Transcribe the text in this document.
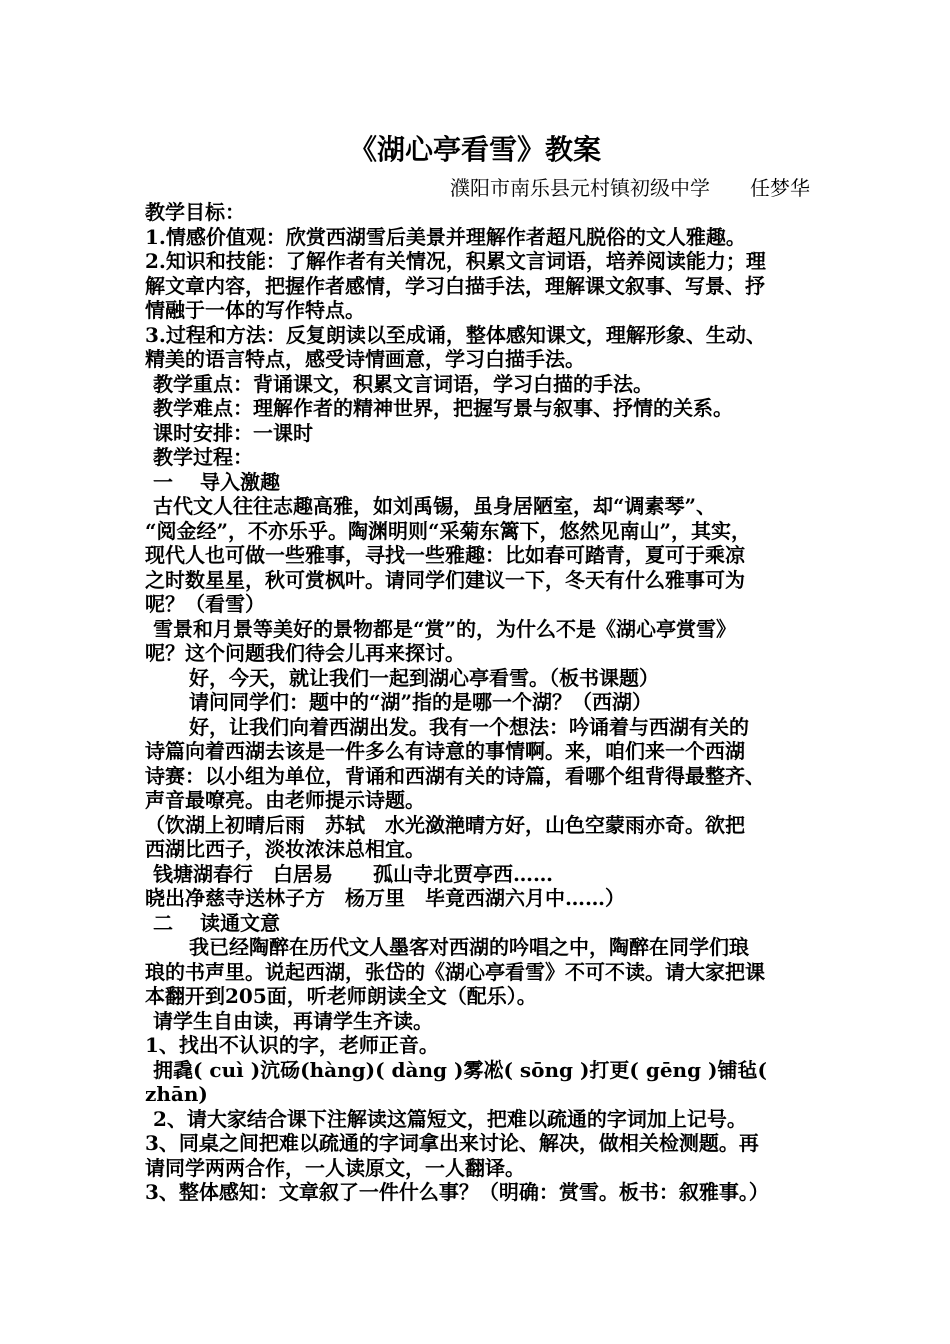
《湖心亭看雪》教案
濮阳市南乐县元村镇初级中学　　任梦华
教学目标：
1.情感价值观：欣赏西湖雪后美景并理解作者超凡脱俗的文人雅趣。
2.知识和技能：了解作者有关情况，积累文言词语，培养阅读能力；理
解文章内容，把握作者感情，学习白描手法，理解课文叙事、写景、抒
情融于一体的写作特点。
3.过程和方法：反复朗读以至成诵，整体感知课文，理解形象、生动、
精美的语言特点，感受诗情画意，学习白描手法。
教学重点：背诵课文，积累文言词语，学习白描的手法。
教学难点：理解作者的精神世界，把握写景与叙事、抒情的关系。
课时安排：一课时
教学过程：
一　 导入激趣
古代文人往往志趣高雅，如刘禹锡，虽身居陋室，却“调素琴”、
“阅金经”，不亦乐乎。陶渊明则“采菊东篱下，悠然见南山”，其实，
现代人也可做一些雅事，寻找一些雅趣：比如春可踏青，夏可于乘凉
之时数星星，秋可赏枫叶。请同学们建议一下，冬天有什么雅事可为
呢？（看雪）
雪景和月景等美好的景物都是“赏”的，为什么不是《湖心亭赏雪》
呢？这个问题我们待会儿再来探讨。
好，今天，就让我们一起到湖心亭看雪。（板书课题）
请问同学们：题中的“湖”指的是哪一个湖？（西湖）
好，让我们向着西湖出发。我有一个想法：吟诵着与西湖有关的
诗篇向着西湖去该是一件多么有诗意的事情啊。来，咱们来一个西湖
诗赛：以小组为单位，背诵和西湖有关的诗篇，看哪个组背得最整齐、
声音最嘹亮。由老师提示诗题。
（饮湖上初晴后雨　苏轼　水光潋滟晴方好，山色空蒙雨亦奇。欲把
西湖比西子，淡妆浓沫总相宜。
钱塘湖春行　白居易　　孤山寺北贾亭西……
晓出净慈寺送林子方　杨万里　毕竟西湖六月中……）
二　 读通文意
我已经陶醉在历代文人墨客对西湖的吟唱之中，陶醉在同学们琅
琅的书声里。说起西湖，张岱的《湖心亭看雪》不可不读。请大家把课
本翻开到205面，听老师朗读全文（配乐）。
请学生自由读，再请学生齐读。
1、找出不认识的字，老师正音。
拥毳( cuì )沆砀(hàng)( dàng )雾凇( sōng )打更( gēng )铺毡(
zhān)
2、请大家结合课下注解读这篇短文，把难以疏通的字词加上记号。
3、同桌之间把难以疏通的字词拿出来讨论、解决，做相关检测题。再
请同学两两合作，一人读原文，一人翻译。
3、整体感知：文章叙了一件什么事？（明确：赏雪。板书：叙雅事。）
